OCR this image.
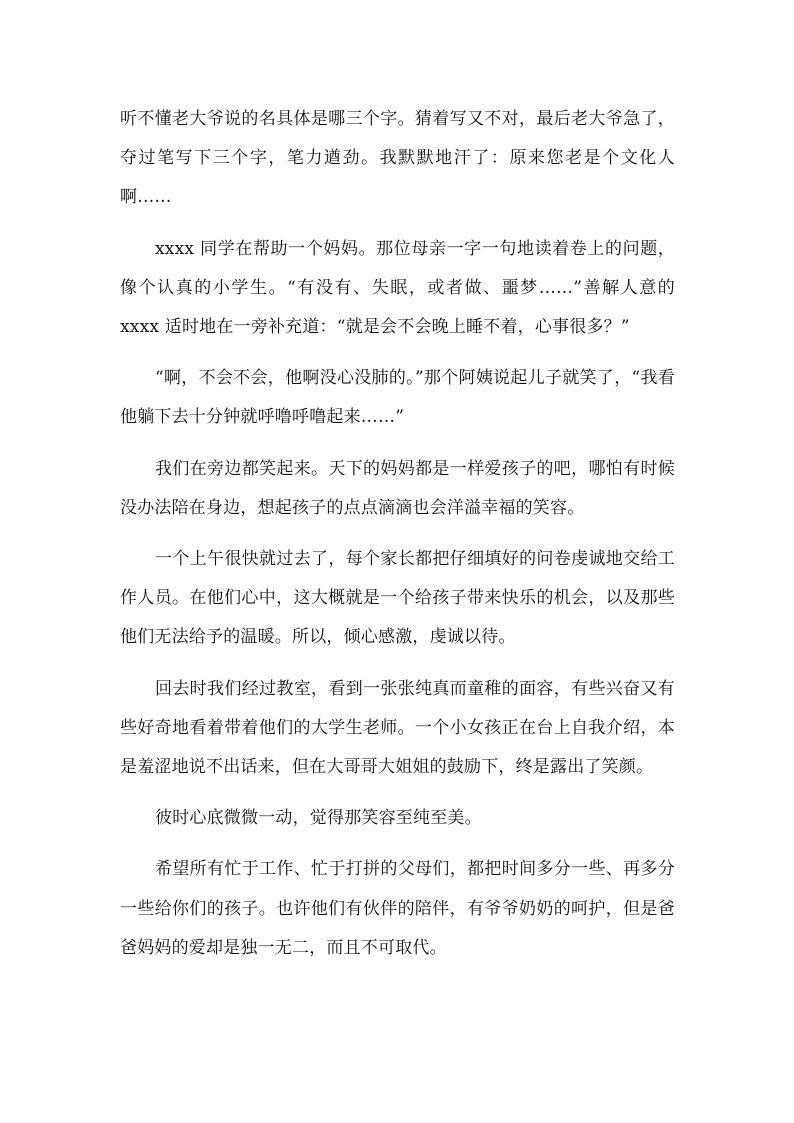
听不懂老大爷说的名具体是哪三个字。猜着写又不对，最后老大爷急了，夺过笔写下三个字，笔力遒劲。我默默地汗了：原来您老是个文化人啊……

xxxx 同学在帮助一个妈妈。那位母亲一字一句地读着卷上的问题，像个认真的小学生。“有没有、失眠，或者做、噩梦……”善解人意的 xxxx 适时地在一旁补充道：“就是会不会晚上睡不着，心事很多？”

“啊，不会不会，他啊没心没肺的。”那个阿姨说起儿子就笑了，“我看他躺下去十分钟就呼噜呼噜起来……”

我们在旁边都笑起来。天下的妈妈都是一样爱孩子的吧，哪怕有时候没办法陪在身边，想起孩子的点点滴滴也会洋溢幸福的笑容。

一个上午很快就过去了，每个家长都把仔细填好的问卷虔诚地交给工作人员。在他们心中，这大概就是一个给孩子带来快乐的机会，以及那些他们无法给予的温暖。所以，倾心感激，虔诚以待。

回去时我们经过教室，看到一张张纯真而童稚的面容，有些兴奋又有些好奇地看着带着他们的大学生老师。一个小女孩正在台上自我介绍，本是羞涩地说不出话来，但在大哥哥大姐姐的鼓励下，终是露出了笑颜。

彼时心底微微一动，觉得那笑容至纯至美。

希望所有忙于工作、忙于打拼的父母们，都把时间多分一些、再多分一些给你们的孩子。也许他们有伙伴的陪伴，有爷爷奶奶的呵护，但是爸爸妈妈的爱却是独一无二，而且不可取代。
